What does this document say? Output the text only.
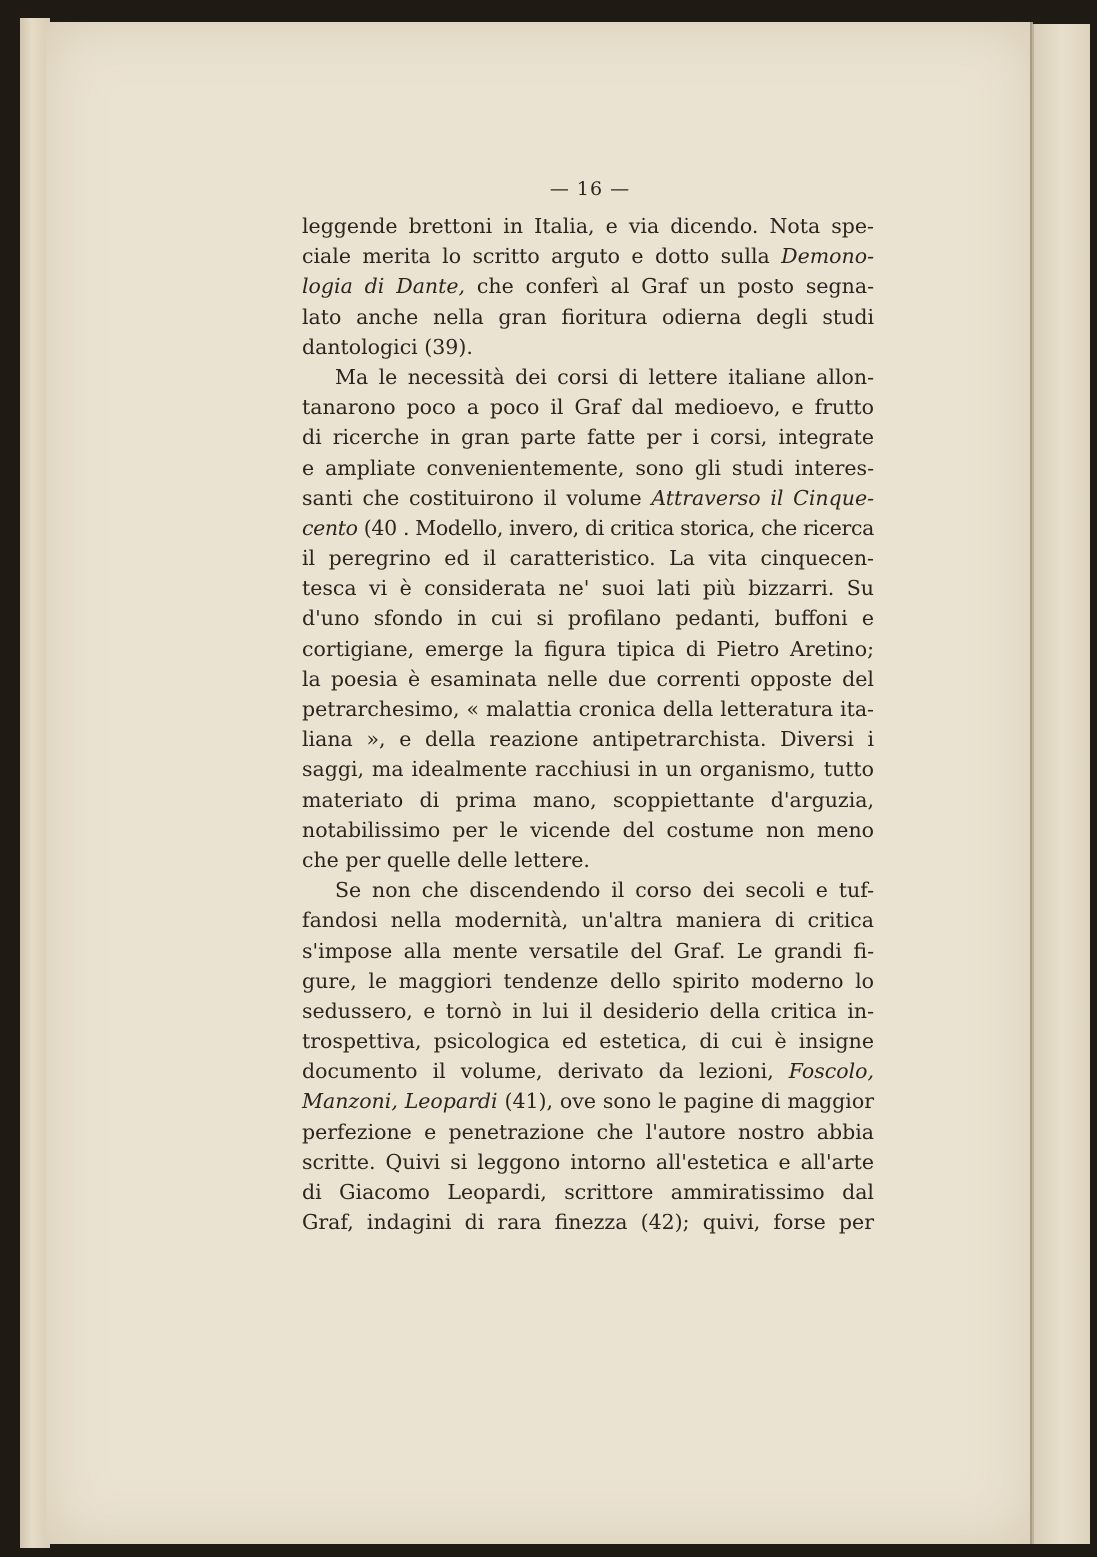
— 16 —
leggende brettoni in Italia, e via dicendo. Nota spe-
ciale merita lo scritto arguto e dotto sulla Demono-
logia di Dante, che conferì al Graf un posto segna-
lato anche nella gran fioritura odierna degli studi
dantologici (39).
Ma le necessità dei corsi di lettere italiane allon-
tanarono poco a poco il Graf dal medioevo, e frutto
di ricerche in gran parte fatte per i corsi, integrate
e ampliate convenientemente, sono gli studi interes-
santi che costituirono il volume Attraverso il Cinque-
cento (40 . Modello, invero, di critica storica, che ricerca
il peregrino ed il caratteristico. La vita cinquecen-
tesca vi è considerata ne' suoi lati più bizzarri. Su
d'uno sfondo in cui si profilano pedanti, buffoni e
cortigiane, emerge la figura tipica di Pietro Aretino;
la poesia è esaminata nelle due correnti opposte del
petrarchesimo, « malattia cronica della letteratura ita-
liana », e della reazione antipetrarchista. Diversi i
saggi, ma idealmente racchiusi in un organismo, tutto
materiato di prima mano, scoppiettante d'arguzia,
notabilissimo per le vicende del costume non meno
che per quelle delle lettere.
Se non che discendendo il corso dei secoli e tuf-
fandosi nella modernità, un'altra maniera di critica
s'impose alla mente versatile del Graf. Le grandi fi-
gure, le maggiori tendenze dello spirito moderno lo
sedussero, e tornò in lui il desiderio della critica in-
trospettiva, psicologica ed estetica, di cui è insigne
documento il volume, derivato da lezioni, Foscolo,
Manzoni, Leopardi (41), ove sono le pagine di maggior
perfezione e penetrazione che l'autore nostro abbia
scritte. Quivi si leggono intorno all'estetica e all'arte
di Giacomo Leopardi, scrittore ammiratissimo dal
Graf, indagini di rara finezza (42); quivi, forse per
